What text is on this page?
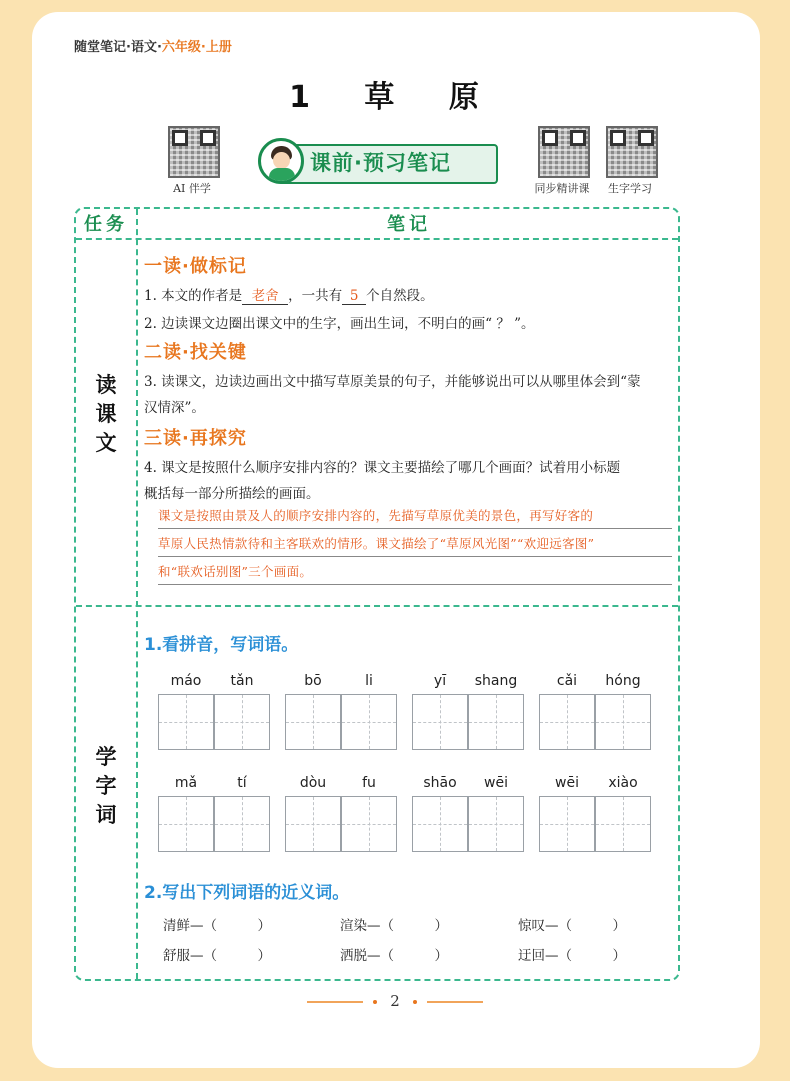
随堂笔记·语文·六年级·上册
1 草 原
AI 伴学	同步精讲课	生字学习
课前·预习笔记
任务	笔记
读
课
文
学
字
词
一读·做标记
1. 本文的作者是 老舍 ，一共有 5 个自然段。
2. 边读课文边圈出课文中的生字，画出生词，不明白的画“ ？ ”。
二读·找关键
3. 读课文，边读边画出文中描写草原美景的句子，并能够说出可以从哪里体会到“蒙
汉情深”。
三读·再探究
4. 课文是按照什么顺序安排内容的？课文主要描绘了哪几个画面？试着用小标题
概括每一部分所描绘的画面。
课文是按照由景及人的顺序安排内容的，先描写草原优美的景色，再写好客的
草原人民热情款待和主客联欢的情形。课文描绘了“草原风光图”“欢迎远客图”
和“联欢话别图”三个画面。
1.看拼音，写词语。
máo	tǎn	bō	li	yī	shang	cǎi	hóng
mǎ	tí	dòu	fu	shāo	wēi	wēi	xiào
2.写出下列词语的近义词。
清鲜—（　　　）	渲染—（　　　）	惊叹—（　　　）
舒服—（　　　）	洒脱—（　　　）	迂回—（　　　）
2
